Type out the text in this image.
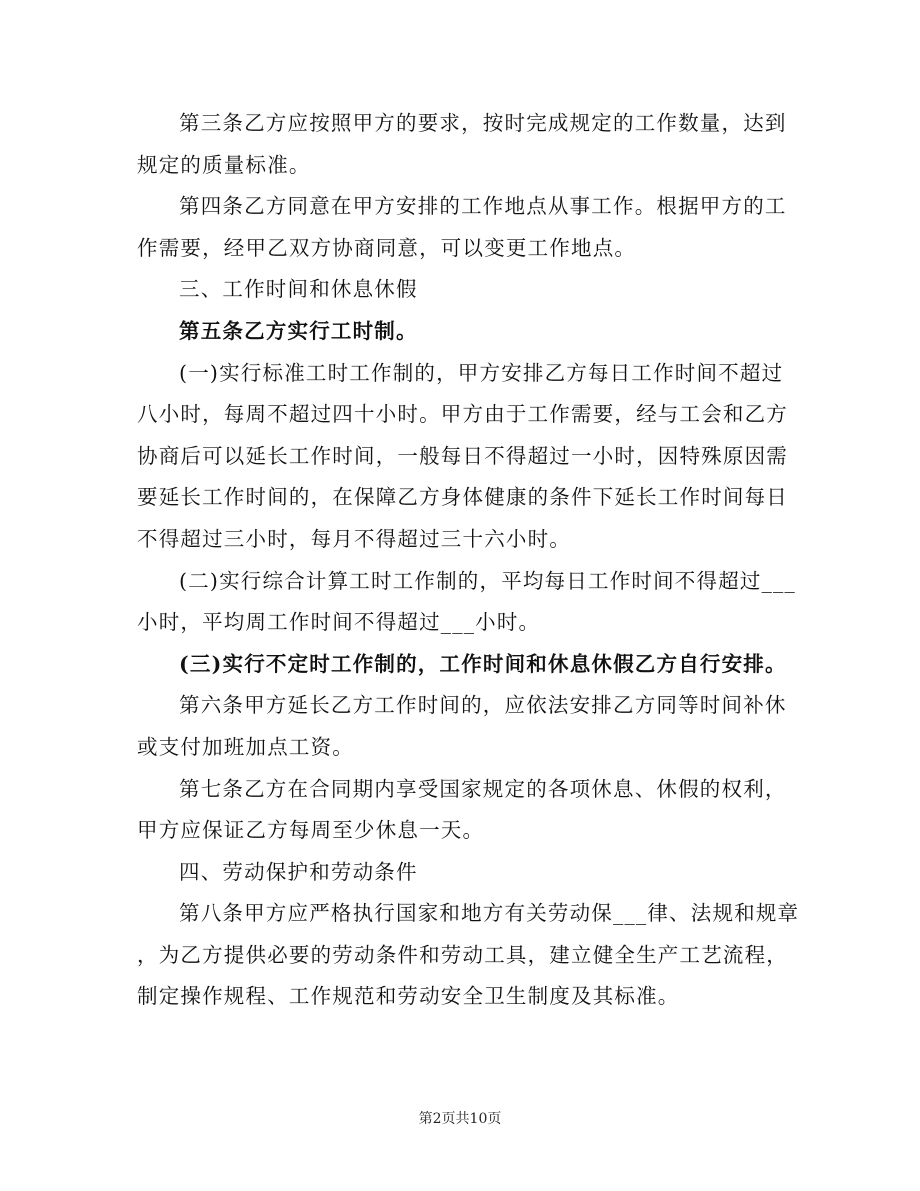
第三条乙方应按照甲方的要求，按时完成规定的工作数量，达到
规定的质量标准。
第四条乙方同意在甲方安排的工作地点从事工作。根据甲方的工
作需要，经甲乙双方协商同意，可以变更工作地点。
三、工作时间和休息休假
第五条乙方实行工时制。
(一)实行标准工时工作制的，甲方安排乙方每日工作时间不超过
八小时，每周不超过四十小时。甲方由于工作需要，经与工会和乙方
协商后可以延长工作时间，一般每日不得超过一小时，因特殊原因需
要延长工作时间的，在保障乙方身体健康的条件下延长工作时间每日
不得超过三小时，每月不得超过三十六小时。
(二)实行综合计算工时工作制的，平均每日工作时间不得超过___
小时，平均周工作时间不得超过___小时。
(三)实行不定时工作制的，工作时间和休息休假乙方自行安排。
第六条甲方延长乙方工作时间的，应依法安排乙方同等时间补休
或支付加班加点工资。
第七条乙方在合同期内享受国家规定的各项休息、休假的权利，
甲方应保证乙方每周至少休息一天。
四、劳动保护和劳动条件
第八条甲方应严格执行国家和地方有关劳动保___律、法规和规章
，为乙方提供必要的劳动条件和劳动工具，建立健全生产工艺流程，
制定操作规程、工作规范和劳动安全卫生制度及其标准。
第2页共10页
